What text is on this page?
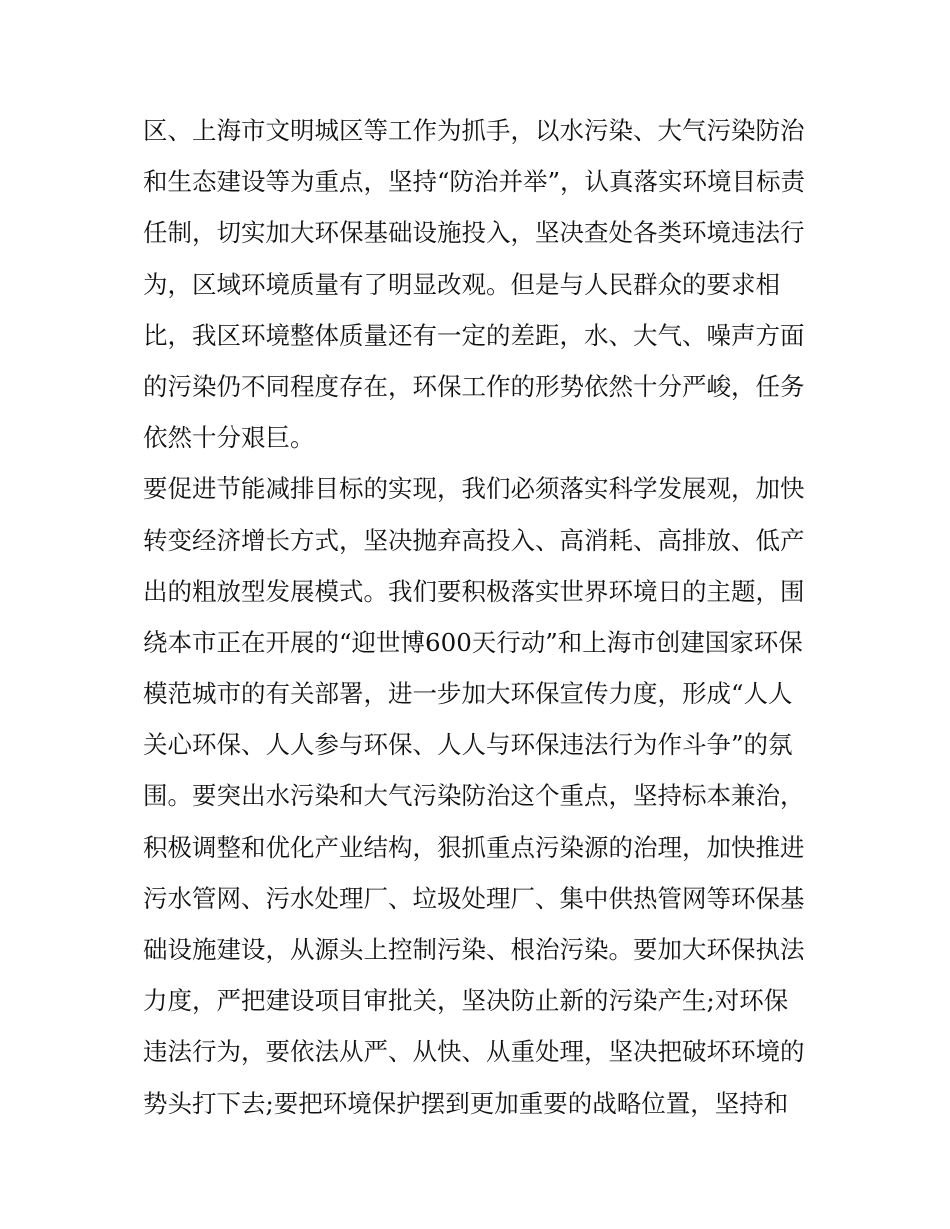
区、上海市文明城区等工作为抓手，以水污染、大气污染防治
和生态建设等为重点，坚持“防治并举”，认真落实环境目标责
任制，切实加大环保基础设施投入，坚决查处各类环境违法行
为，区域环境质量有了明显改观。但是与人民群众的要求相
比，我区环境整体质量还有一定的差距，水、大气、噪声方面
的污染仍不同程度存在，环保工作的形势依然十分严峻，任务
依然十分艰巨。
要促进节能减排目标的实现，我们必须落实科学发展观，加快
转变经济增长方式，坚决抛弃高投入、高消耗、高排放、低产
出的粗放型发展模式。我们要积极落实世界环境日的主题，围
绕本市正在开展的“迎世博600天行动”和上海市创建国家环保
模范城市的有关部署，进一步加大环保宣传力度，形成“人人
关心环保、人人参与环保、人人与环保违法行为作斗争”的氛
围。要突出水污染和大气污染防治这个重点，坚持标本兼治，
积极调整和优化产业结构，狠抓重点污染源的治理，加快推进
污水管网、污水处理厂、垃圾处理厂、集中供热管网等环保基
础设施建设，从源头上控制污染、根治污染。要加大环保执法
力度，严把建设项目审批关，坚决防止新的污染产生;对环保
违法行为，要依法从严、从快、从重处理，坚决把破坏环境的
势头打下去;要把环境保护摆到更加重要的战略位置，坚持和
